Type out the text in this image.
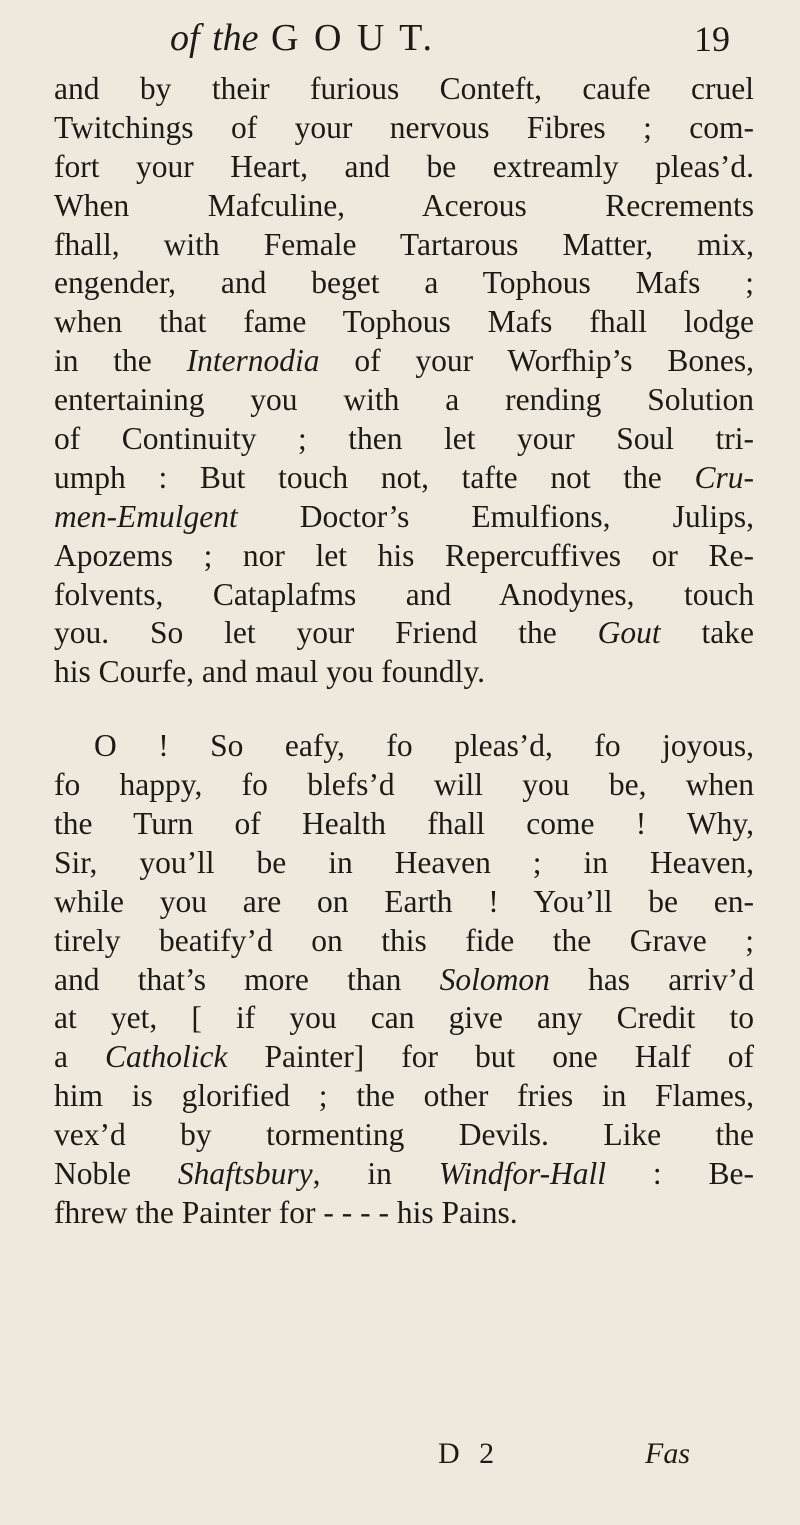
of the G O U T.	19
and by their furious Conteft, caufe cruel
Twitchings of your nervous Fibres ; com-
fort your Heart, and be extreamly pleas’d.
When Mafculine, Acerous Recrements
fhall, with Female Tartarous Matter, mix,
engender, and beget a Tophous Mafs ;
when that fame Tophous Mafs fhall lodge
in the Internodia of your Worfhip’s Bones,
entertaining you with a rending Solution
of Continuity ; then let your Soul tri-
umph : But touch not, tafte not the Cru-
men-Emulgent Doctor’s Emulfions, Julips,
Apozems ; nor let his Repercuffives or Re-
folvents, Cataplafms and Anodynes, touch
you. So let your Friend the Gout take
his Courfe, and maul you foundly.
O ! So eafy, fo pleas’d, fo joyous,
fo happy, fo blefs’d will you be, when
the Turn of Health fhall come ! Why,
Sir, you’ll be in Heaven ; in Heaven,
while you are on Earth ! You’ll be en-
tirely beatify’d on this fide the Grave ;
and that’s more than Solomon has arriv’d
at yet, [ if you can give any Credit to
a Catholick Painter] for but one Half of
him is glorified ; the other fries in Flames,
vex’d by tormenting Devils. Like the
Noble Shaftsbury, in Windfor-Hall : Be-
fhrew the Painter for - - - - his Pains.
D 2	Fas
